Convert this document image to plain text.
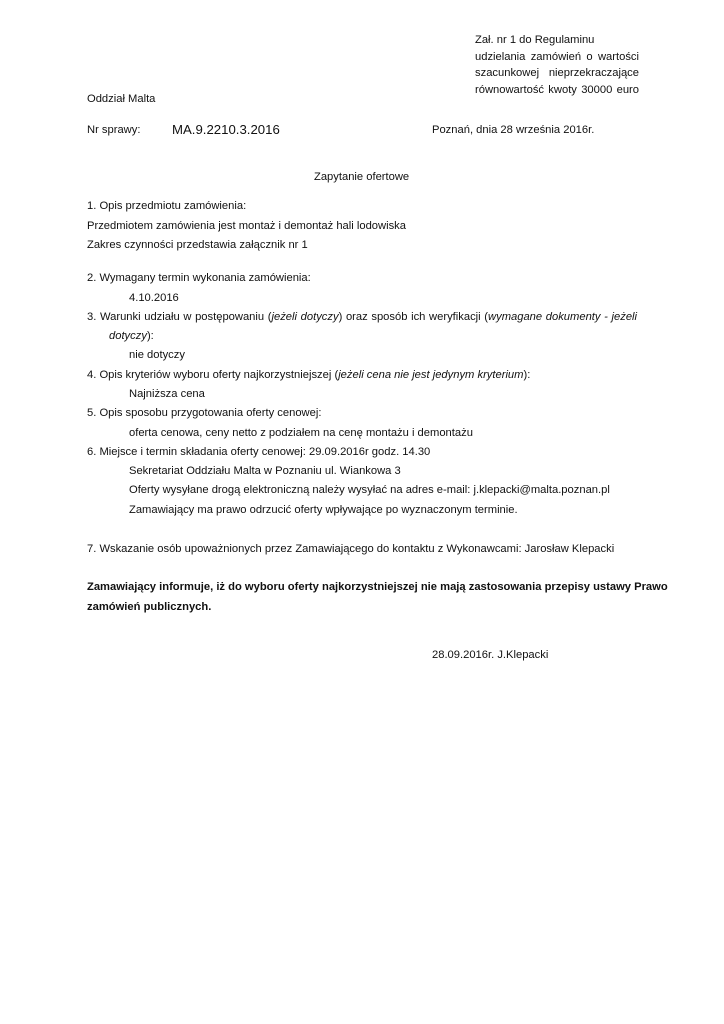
Zał. nr 1 do Regulaminu
udzielania zamówień o wartości
szacunkowej nieprzekraczające
równowartość kwoty 30000 euro
Oddział Malta
Nr sprawy: MA.9.2210.3.2016	Poznań, dnia 28 września 2016r.
Zapytanie ofertowe
1. Opis przedmiotu zamówienia:
Przedmiotem zamówienia jest montaż i demontaż hali lodowiska
Zakres czynności przedstawia załącznik nr 1
2. Wymagany termin wykonania zamówienia:
4.10.2016
3. Warunki udziału w postępowaniu (jeżeli dotyczy) oraz sposób ich weryfikacji (wymagane dokumenty - jeżeli
dotyczy):
nie dotyczy
4. Opis kryteriów wyboru oferty najkorzystniejszej (jeżeli cena nie jest jedynym kryterium):
Najniższa cena
5. Opis sposobu przygotowania oferty cenowej:
oferta cenowa, ceny netto z podziałem na cenę montażu i demontażu
6. Miejsce i termin składania oferty cenowej: 29.09.2016r godz. 14.30
Sekretariat Oddziału Malta w Poznaniu ul. Wiankowa 3
Oferty wysyłane drogą elektroniczną należy wysyłać na adres e-mail: j.klepacki@malta.poznan.pl
Zamawiający ma prawo odrzucić oferty wpływające po wyznaczonym terminie.
7. Wskazanie osób upoważnionych przez Zamawiającego do kontaktu z Wykonawcami: Jarosław Klepacki
Zamawiający informuje, iż do wyboru oferty najkorzystniejszej nie mają zastosowania przepisy ustawy Prawo
zamówień publicznych.
28.09.2016r. J.Klepacki
